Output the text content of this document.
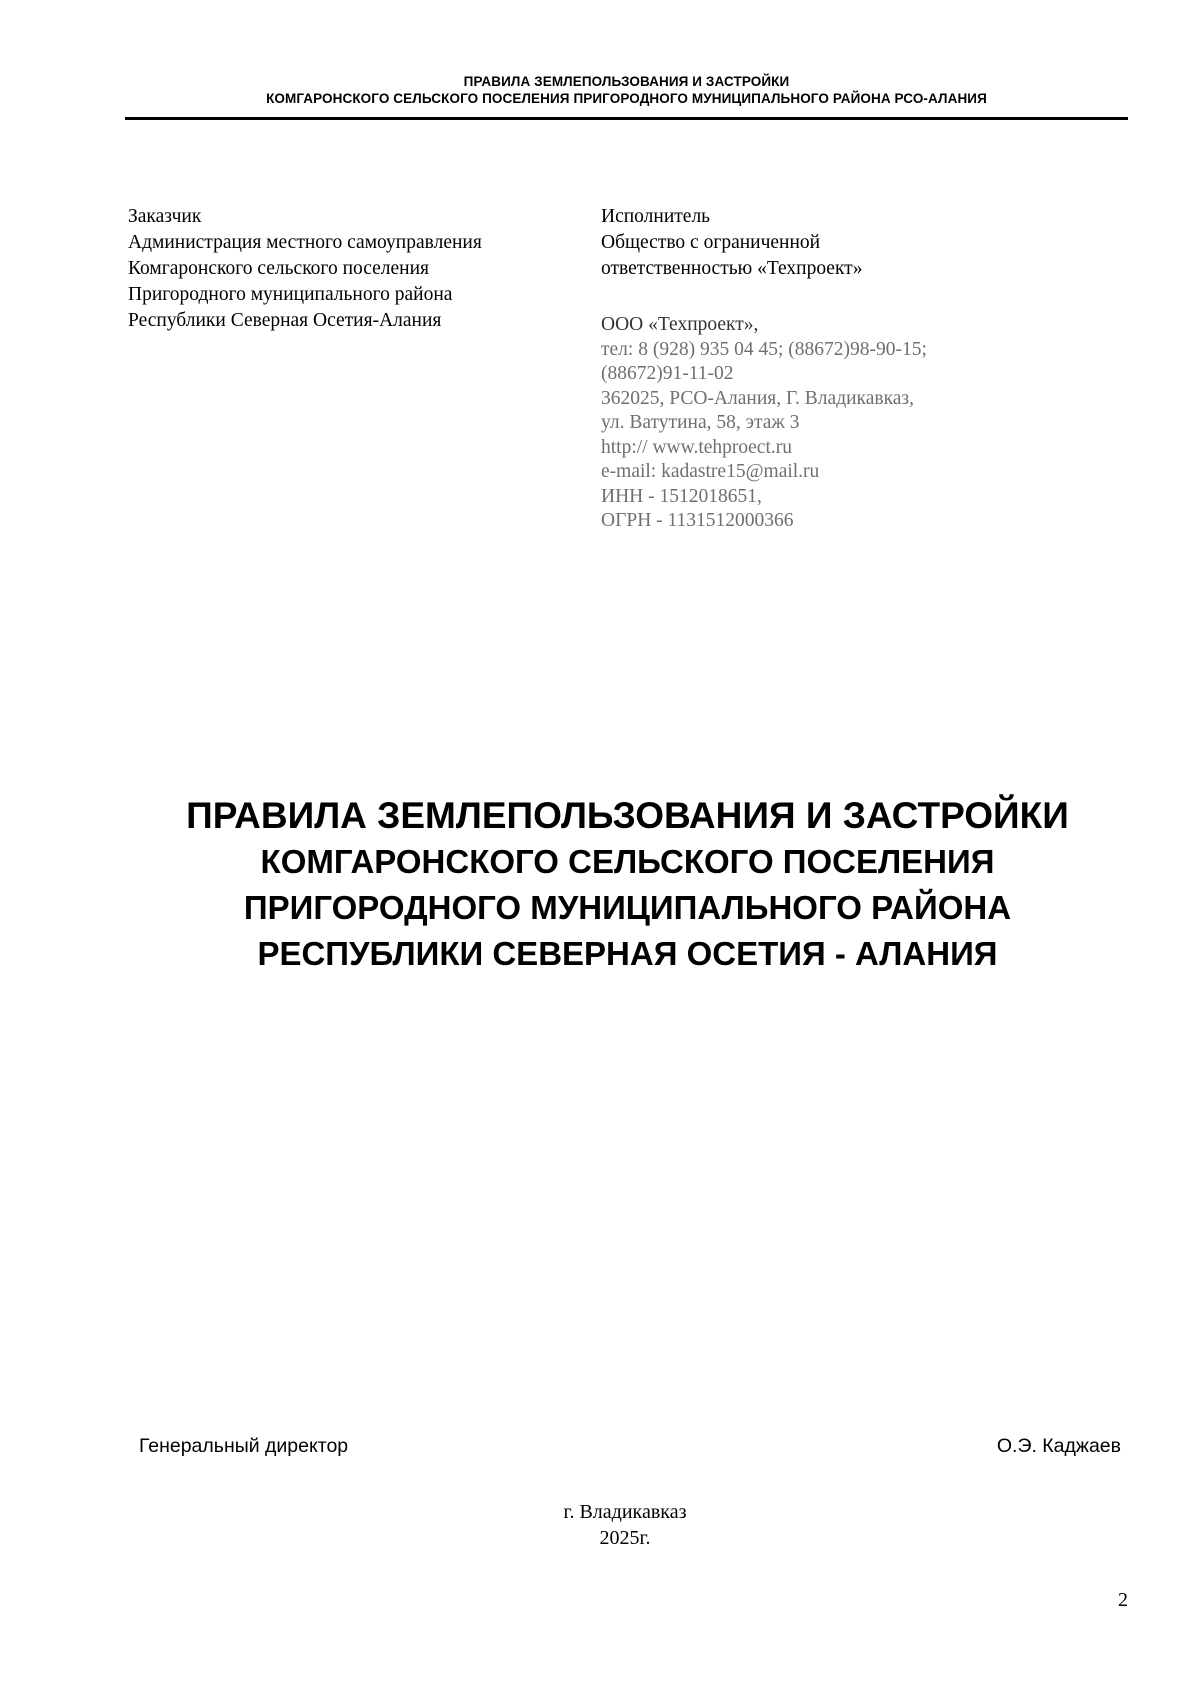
ПРАВИЛА ЗЕМЛЕПОЛЬЗОВАНИЯ И ЗАСТРОЙКИ
КОМГАРОНСКОГО СЕЛЬСКОГО ПОСЕЛЕНИЯ ПРИГОРОДНОГО МУНИЦИПАЛЬНОГО РАЙОНА РСО-АЛАНИЯ
Заказчик
Администрация местного самоуправления
Комгаронского сельского поселения
Пригородного муниципального района
Республики Северная Осетия-Алания
Исполнитель
Общество с ограниченной
ответственностью «Техпроект»
ООО «Техпроект»,
тел: 8 (928) 935 04 45; (88672)98-90-15;
(88672)91-11-02
362025, РСО-Алания, Г. Владикавказ,
ул. Ватутина, 58, этаж 3
http:// www.tehproect.ru
e-mail: kadastre15@mail.ru
ИНН - 1512018651,
ОГРН - 1131512000366
ПРАВИЛА ЗЕМЛЕПОЛЬЗОВАНИЯ И ЗАСТРОЙКИ
КОМГАРОНСКОГО СЕЛЬСКОГО ПОСЕЛЕНИЯ
ПРИГОРОДНОГО МУНИЦИПАЛЬНОГО РАЙОНА
РЕСПУБЛИКИ СЕВЕРНАЯ ОСЕТИЯ - АЛАНИЯ
Генеральный директор	О.Э. Каджаев
г. Владикавказ
2025г.
2
